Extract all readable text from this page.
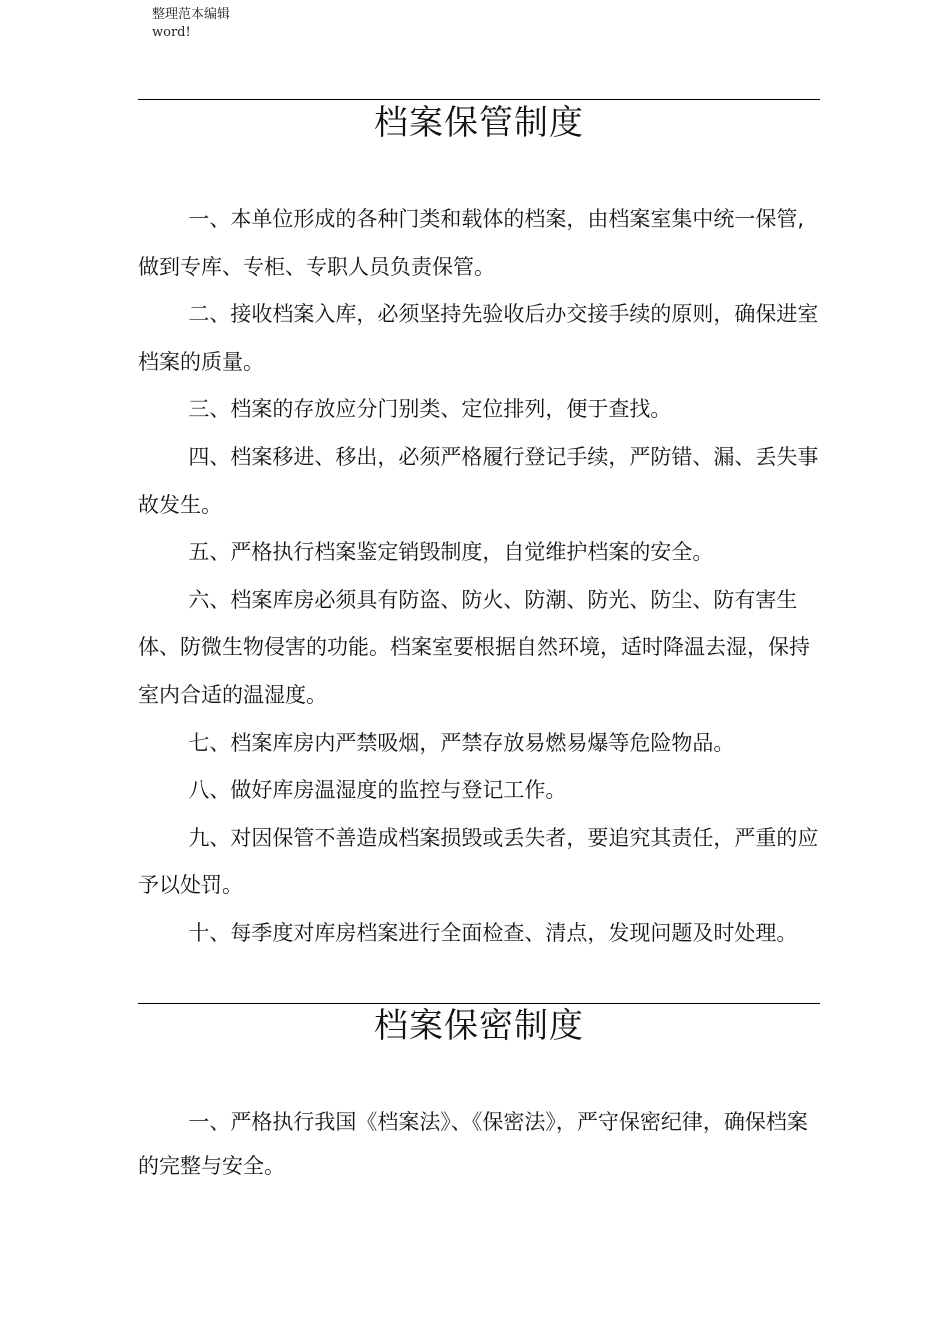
整理范本编辑
word!
档案保管制度

一、本单位形成的各种门类和载体的档案，由档案室集中统一保管, 做到专库、专柜、专职人员负责保管。

二、接收档案入库，必须坚持先验收后办交接手续的原则，确保进室档案的质量。

三、档案的存放应分门别类、定位排列，便于查找。

四、档案移进、移出，必须严格履行登记手续，严防错、漏、丢失事故发生。

五、严格执行档案鉴定销毁制度，自觉维护档案的安全。

六、档案库房必须具有防盗、防火、防潮、防光、防尘、防有害生体、防微生物侵害的功能。档案室要根据自然环境，适时降温去湿，保持室内合适的温湿度。

七、档案库房内严禁吸烟，严禁存放易燃易爆等危险物品。

八、做好库房温湿度的监控与登记工作。

九、对因保管不善造成档案损毁或丢失者，要追究其责任，严重的应予以处罚。

十、每季度对库房档案进行全面检查、清点，发现问题及时处理。

档案保密制度

一、严格执行我国《档案法》、《保密法》，严守保密纪律，确保档案的完整与安全。
